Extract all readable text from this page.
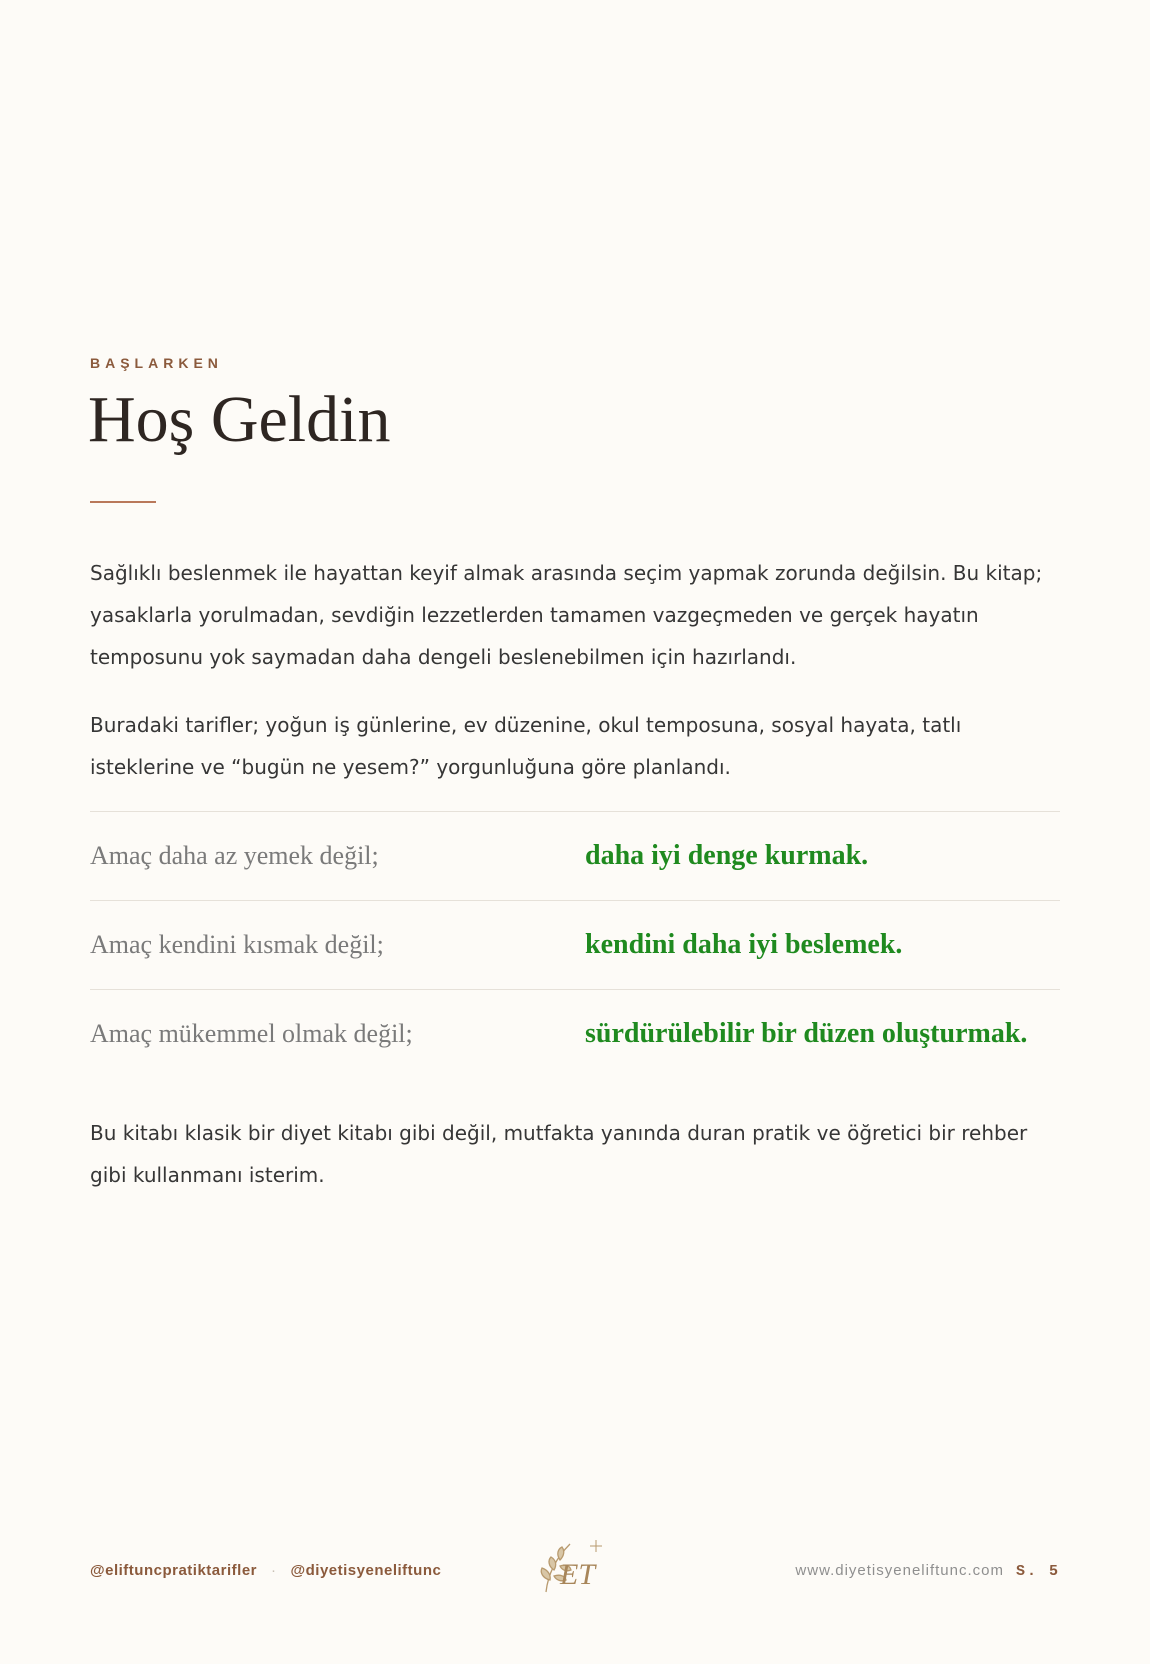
BAŞLARKEN
Hoş Geldin

Sağlıklı beslenmek ile hayattan keyif almak arasında seçim yapmak zorunda değilsin. Bu kitap; yasaklarla yorulmadan, sevdiğin lezzetlerden tamamen vazgeçmeden ve gerçek hayatın temposunu yok saymadan daha dengeli beslenebilmen için hazırlandı.

Buradaki tarifler; yoğun iş günlerine, ev düzenine, okul temposuna, sosyal hayata, tatlı isteklerine ve “bugün ne yesem?” yorgunluğuna göre planlandı.

Amaç daha az yemek değil;	daha iyi denge kurmak.
Amaç kendini kısmak değil;	kendini daha iyi beslemek.
Amaç mükemmel olmak değil;	sürdürülebilir bir düzen oluşturmak.

Bu kitabı klasik bir diyet kitabı gibi değil, mutfakta yanında duran pratik ve öğretici bir rehber gibi kullanmanı isterim.

@eliftuncpratiktarifler · @diyetisyeneliftunc	ET	www.diyetisyeneliftunc.com S. 5
